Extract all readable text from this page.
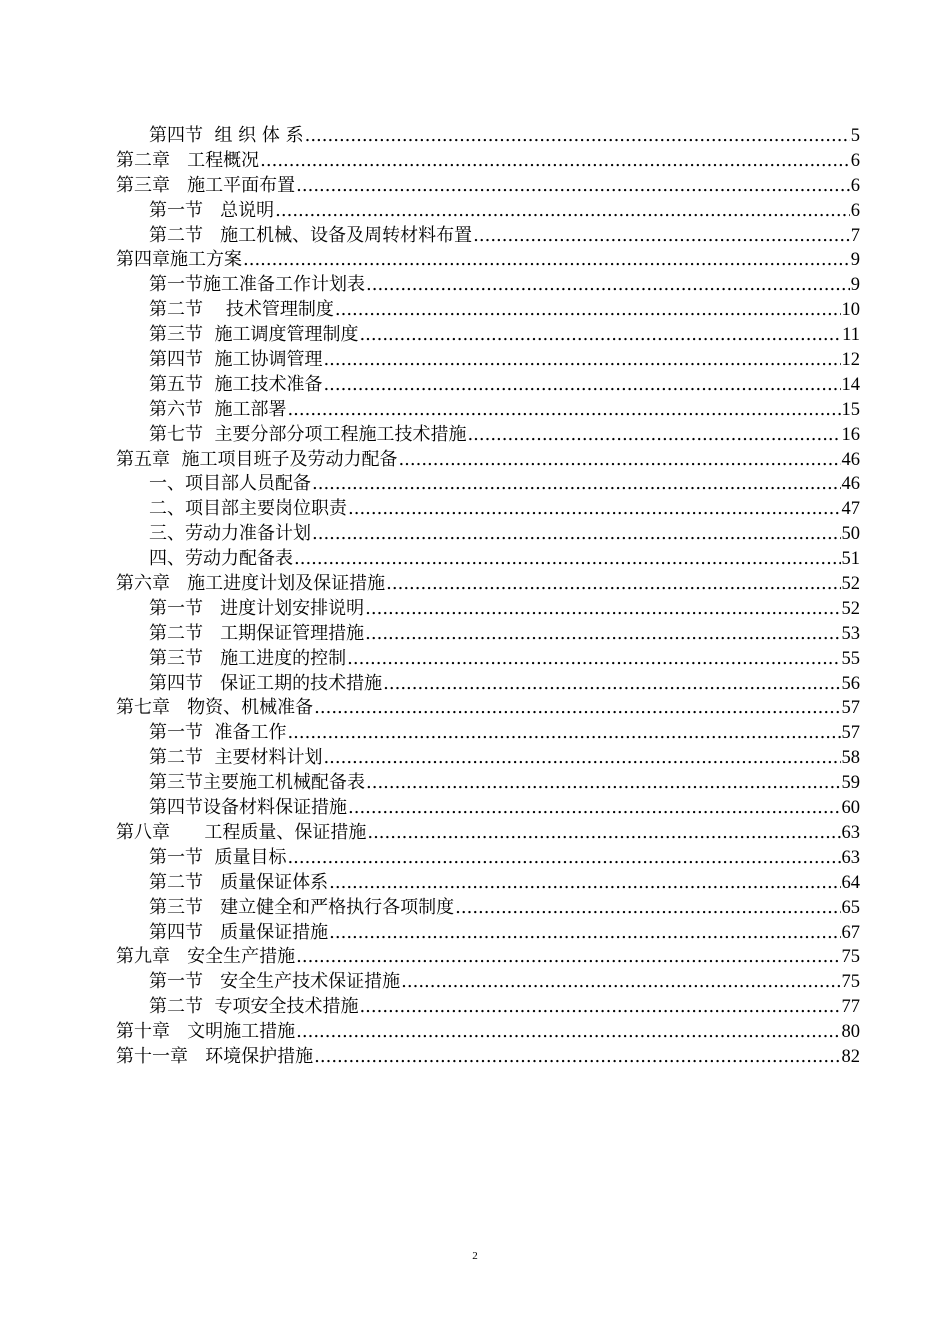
第四节  组 织 体 系 .....	5
第二章   工程概况 .....	6
第三章   施工平面布置 .....	6
第一节   总说明 .....	6
第二节   施工机械、设备及周转材料布置 .....	7
第四章施工方案 .....	9
第一节施工准备工作计划表 .....	9
第二节    技术管理制度 .....	10
第三节  施工调度管理制度 .....	11
第四节  施工协调管理 .....	12
第五节  施工技术准备 .....	14
第六节  施工部署 .....	15
第七节  主要分部分项工程施工技术措施 .....	16
第五章  施工项目班子及劳动力配备 .....	46
一、项目部人员配备 .....	46
二、项目部主要岗位职责 .....	47
三、劳动力准备计划 .....	50
四、劳动力配备表 .....	51
第六章   施工进度计划及保证措施 .....	52
第一节   进度计划安排说明 .....	52
第二节   工期保证管理措施 .....	53
第三节   施工进度的控制 .....	55
第四节   保证工期的技术措施 .....	56
第七章   物资、机械准备 .....	57
第一节  准备工作 .....	57
第二节  主要材料计划 .....	58
第三节主要施工机械配备表 .....	59
第四节设备材料保证措施 .....	60
第八章      工程质量、保证措施 .....	63
第一节  质量目标 .....	63
第二节   质量保证体系 .....	64
第三节   建立健全和严格执行各项制度 .....	65
第四节   质量保证措施 .....	67
第九章   安全生产措施 .....	75
第一节   安全生产技术保证措施 .....	75
第二节  专项安全技术措施 .....	77
第十章   文明施工措施 .....	80
第十一章   环境保护措施 .....	82
2
